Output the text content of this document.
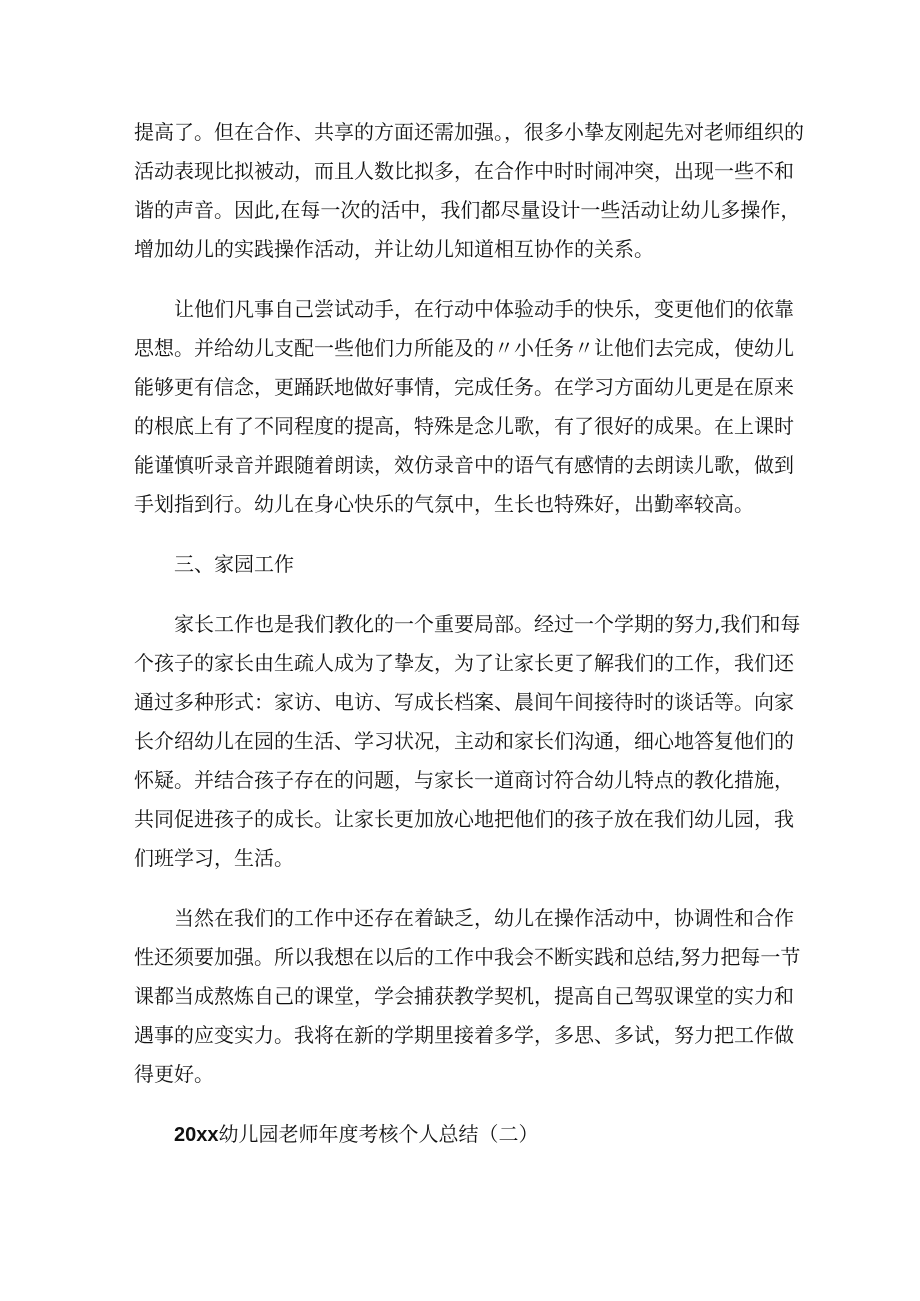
提高了。但在合作、共享的方面还需加强。，很多小挚友刚起先对老师组织的活动表现比拟被动，而且人数比拟多，在合作中时时闹冲突，出现一些不和谐的声音。因此,在每一次的活中，我们都尽量设计一些活动让幼儿多操作，增加幼儿的实践操作活动，并让幼儿知道相互协作的关系。

　　让他们凡事自己尝试动手，在行动中体验动手的快乐，变更他们的依靠思想。并给幼儿支配一些他们力所能及的〃小任务〃让他们去完成，使幼儿能够更有信念，更踊跃地做好事情，完成任务。在学习方面幼儿更是在原来的根底上有了不同程度的提高，特殊是念儿歌，有了很好的成果。在上课时能谨慎听录音并跟随着朗读，效仿录音中的语气有感情的去朗读儿歌，做到手划指到行。幼儿在身心快乐的气氛中，生长也特殊好，出勤率较高。

三、家园工作

　　家长工作也是我们教化的一个重要局部。经过一个学期的努力,我们和每个孩子的家长由生疏人成为了挚友，为了让家长更了解我们的工作，我们还通过多种形式：家访、电访、写成长档案、晨间午间接待时的谈话等。向家长介绍幼儿在园的生活、学习状况，主动和家长们沟通，细心地答复他们的怀疑。并结合孩子存在的问题，与家长一道商讨符合幼儿特点的教化措施，共同促进孩子的成长。让家长更加放心地把他们的孩子放在我们幼儿园，我们班学习，生活。

　　当然在我们的工作中还存在着缺乏，幼儿在操作活动中，协调性和合作性还须要加强。所以我想在以后的工作中我会不断实践和总结,努力把每一节课都当成熬炼自己的课堂，学会捕获教学契机，提高自己驾驭课堂的实力和遇事的应变实力。我将在新的学期里接着多学，多思、多试，努力把工作做得更好。

20xx幼儿园老师年度考核个人总结（二）
